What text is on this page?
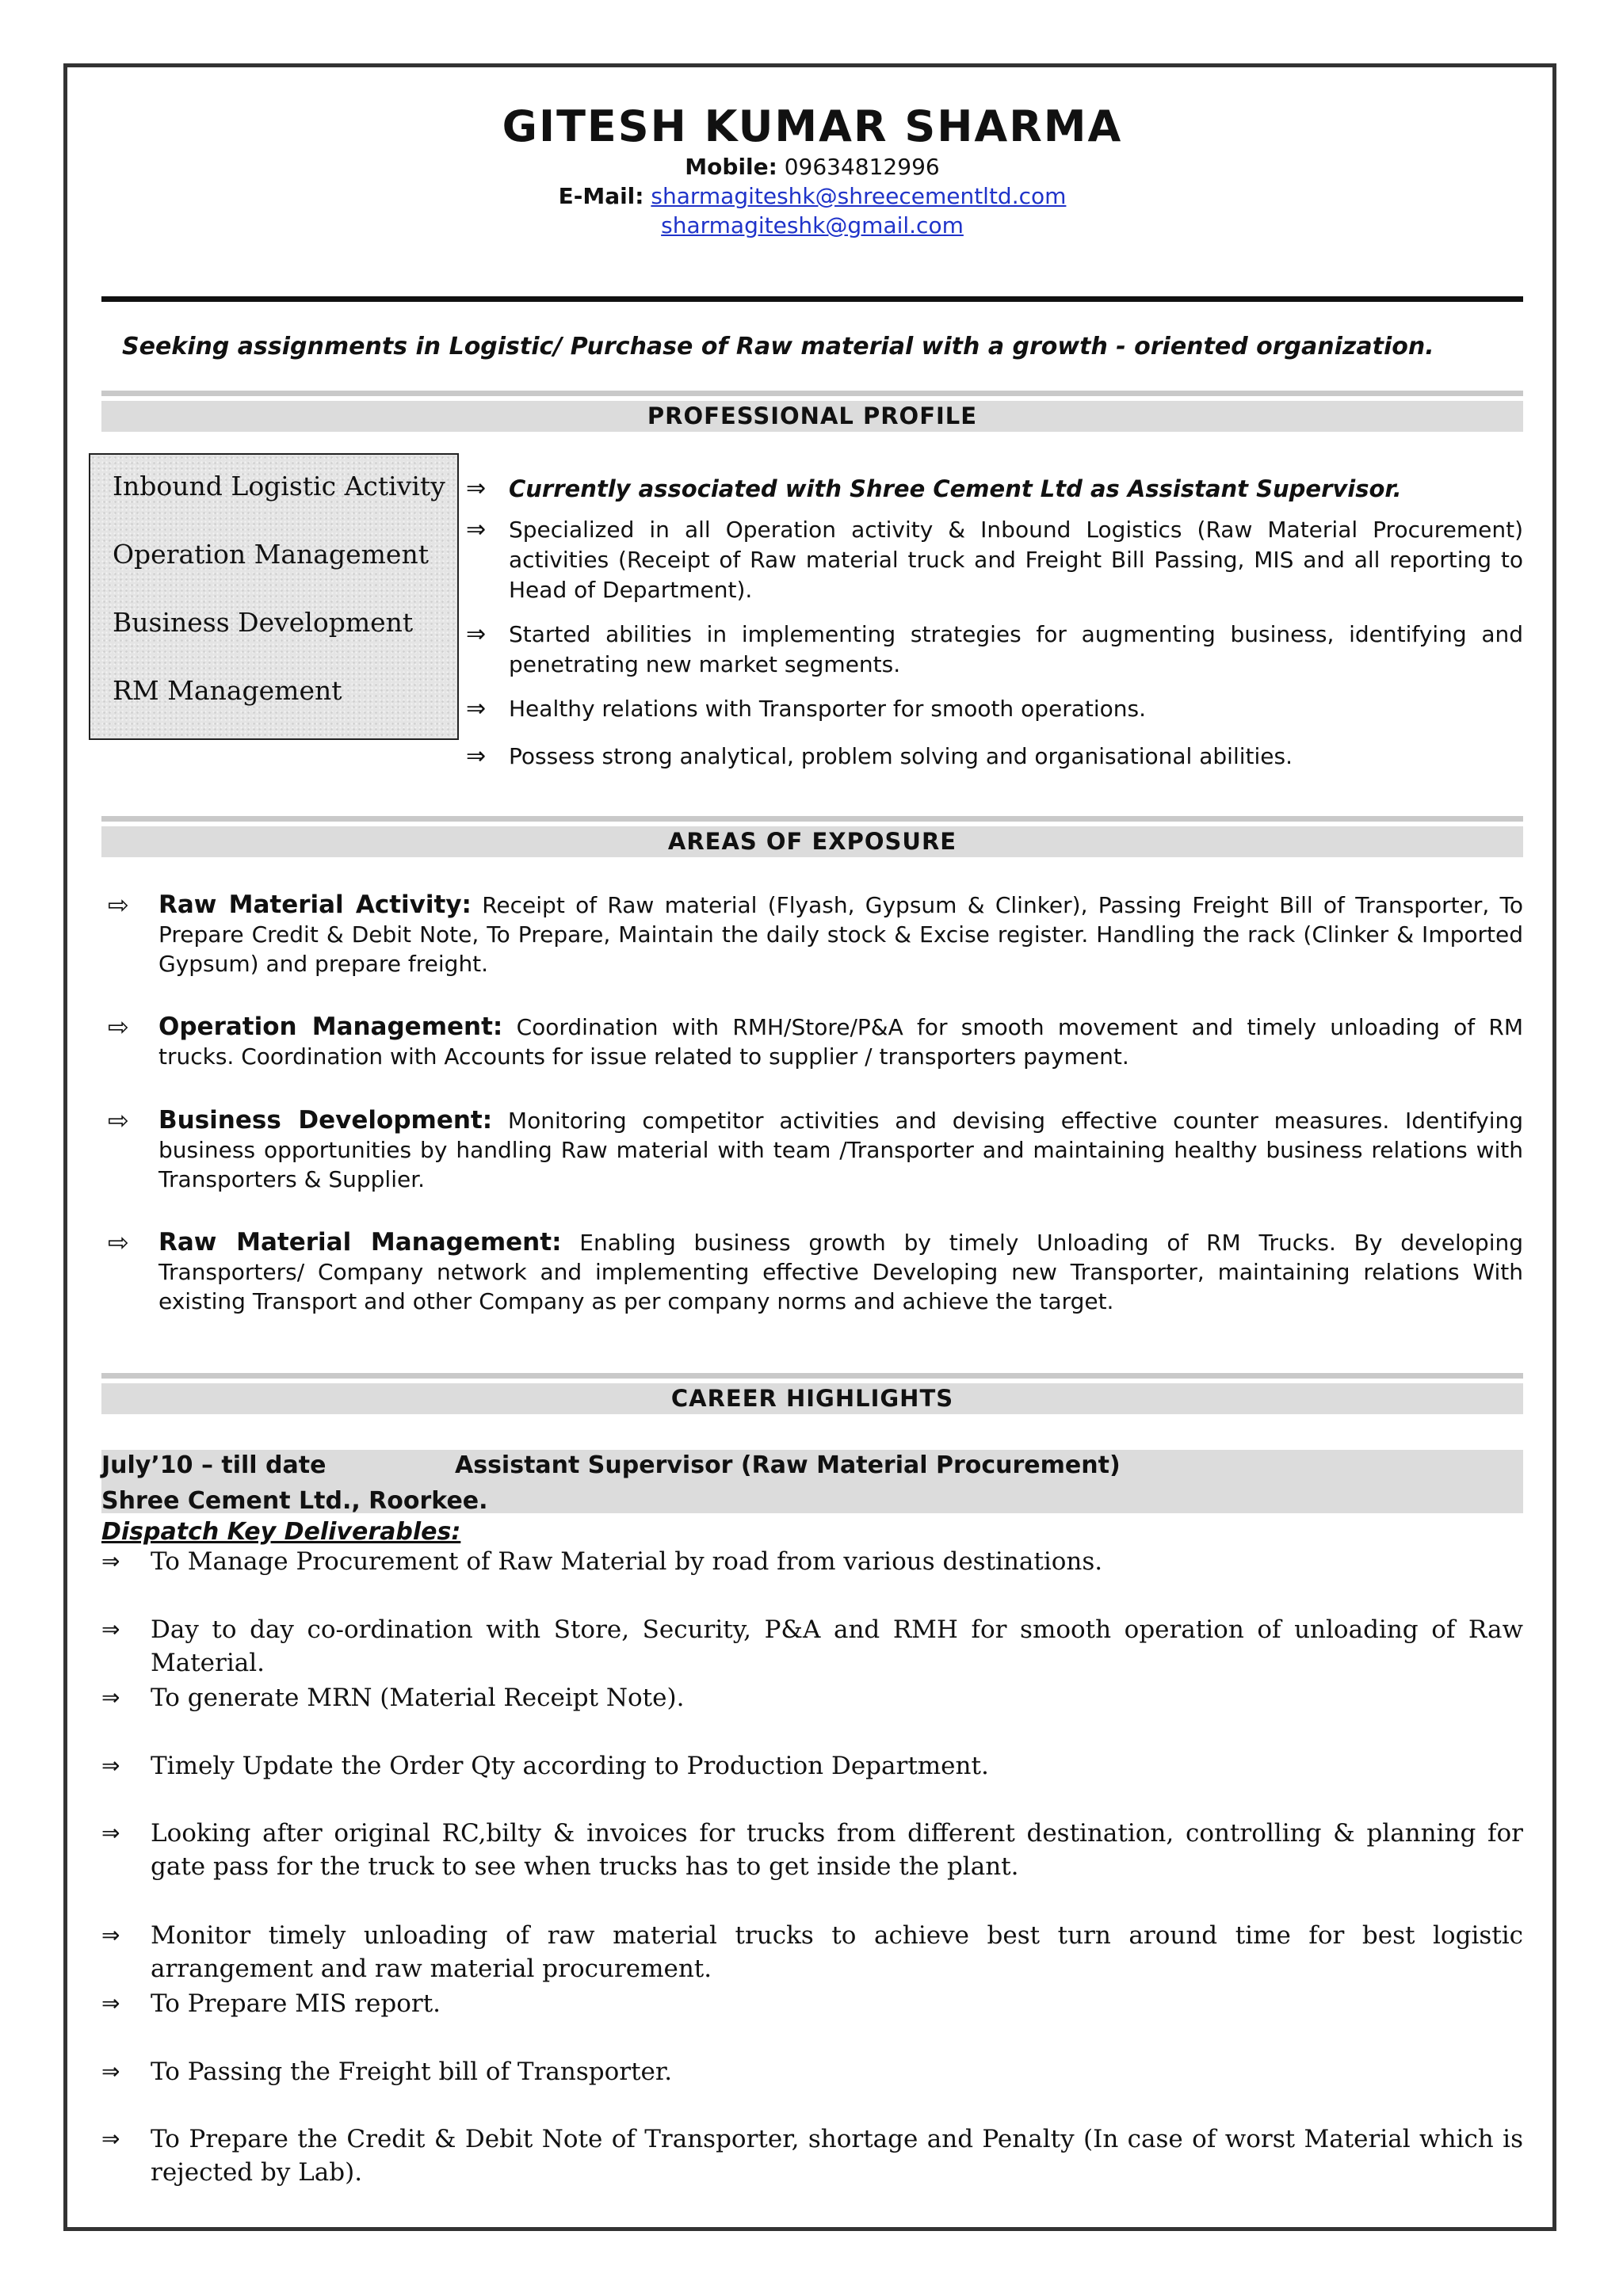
GITESH KUMAR SHARMA
Mobile: 09634812996
E-Mail: sharmagiteshk@shreecementltd.com
sharmagiteshk@gmail.com
Seeking assignments in Logistic/ Purchase of Raw material with a growth - oriented organization.
PROFESSIONAL PROFILE
Inbound Logistic Activity
Operation Management
Business Development
RM Management
⇒ Currently associated with Shree Cement Ltd as Assistant Supervisor.
⇒	Specialized in all Operation activity & Inbound Logistics (Raw Material Procurement) activities (Receipt of Raw material truck and Freight Bill Passing, MIS and all reporting to Head of Department).
⇒	Started abilities in implementing strategies for augmenting business, identifying and penetrating new market segments.
⇒	Healthy relations with Transporter for smooth operations.
⇒	Possess strong analytical, problem solving and organisational abilities.
AREAS OF EXPOSURE
⇨ Raw Material Activity: Receipt of Raw material (Flyash, Gypsum & Clinker), Passing Freight Bill of Transporter, To Prepare Credit & Debit Note, To Prepare, Maintain the daily stock & Excise register. Handling the rack (Clinker & Imported Gypsum) and prepare freight.
⇨ Operation Management: Coordination with RMH/Store/P&A for smooth movement and timely unloading of RM trucks. Coordination with Accounts for issue related to supplier / transporters payment.
⇨ Business Development: Monitoring competitor activities and devising effective counter measures. Identifying business opportunities by handling Raw material with team /Transporter and maintaining healthy business relations with Transporters & Supplier.
⇨ Raw Material Management: Enabling business growth by timely Unloading of RM Trucks. By developing Transporters/ Company network and implementing effective Developing new Transporter, maintaining relations With existing Transport and other Company as per company norms and achieve the target.
CAREER HIGHLIGHTS
July’10 – till date	Assistant Supervisor (Raw Material Procurement)
Shree Cement Ltd., Roorkee.
Dispatch Key Deliverables:
⇒ To Manage Procurement of Raw Material by road from various destinations.
⇒ Day to day co-ordination with Store, Security, P&A and RMH for smooth operation of unloading of Raw Material.
⇒ To generate MRN (Material Receipt Note).
⇒ Timely Update the Order Qty according to Production Department.
⇒ Looking after original RC,bilty & invoices for trucks from different destination, controlling & planning for gate pass for the truck to see when trucks has to get inside the plant.
⇒ Monitor timely unloading of raw material trucks to achieve best turn around time for best logistic arrangement and raw material procurement.
⇒ To Prepare MIS report.
⇒ To Passing the Freight bill of Transporter.
⇒ To Prepare the Credit & Debit Note of Transporter, shortage and Penalty (In case of worst Material which is rejected by Lab).
